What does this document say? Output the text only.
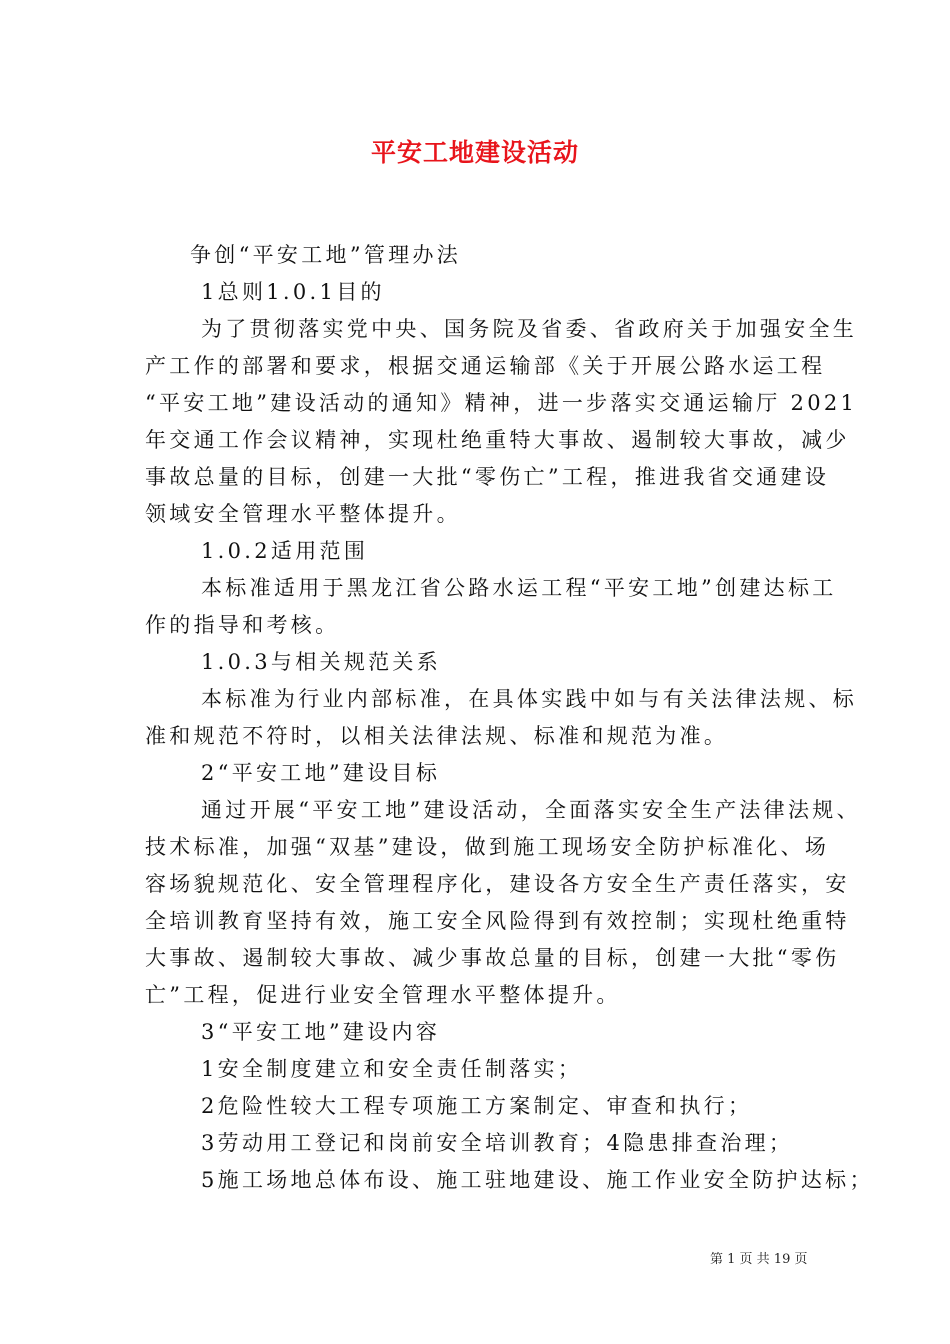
平安工地建设活动
争创“平安工地”管理办法
1总则1.0.1目的
为了贯彻落实党中央、国务院及省委、省政府关于加强安全生
产工作的部署和要求，根据交通运输部《关于开展公路水运工程
“平安工地”建设活动的通知》精神，进一步落实交通运输厅 2021
年交通工作会议精神，实现杜绝重特大事故、遏制较大事故，减少
事故总量的目标，创建一大批“零伤亡”工程，推进我省交通建设
领域安全管理水平整体提升。
1.0.2适用范围
本标准适用于黑龙江省公路水运工程“平安工地”创建达标工
作的指导和考核。
1.0.3与相关规范关系
本标准为行业内部标准，在具体实践中如与有关法律法规、标
准和规范不符时，以相关法律法规、标准和规范为准。
2“平安工地”建设目标
通过开展“平安工地”建设活动，全面落实安全生产法律法规、
技术标准，加强“双基”建设，做到施工现场安全防护标准化、场
容场貌规范化、安全管理程序化，建设各方安全生产责任落实，安
全培训教育坚持有效，施工安全风险得到有效控制；实现杜绝重特
大事故、遏制较大事故、减少事故总量的目标，创建一大批“零伤
亡”工程，促进行业安全管理水平整体提升。
3“平安工地”建设内容
1安全制度建立和安全责任制落实；
2危险性较大工程专项施工方案制定、审查和执行；
3劳动用工登记和岗前安全培训教育；4隐患排查治理；
5施工场地总体布设、施工驻地建设、施工作业安全防护达标；
第 1 页 共 19 页
